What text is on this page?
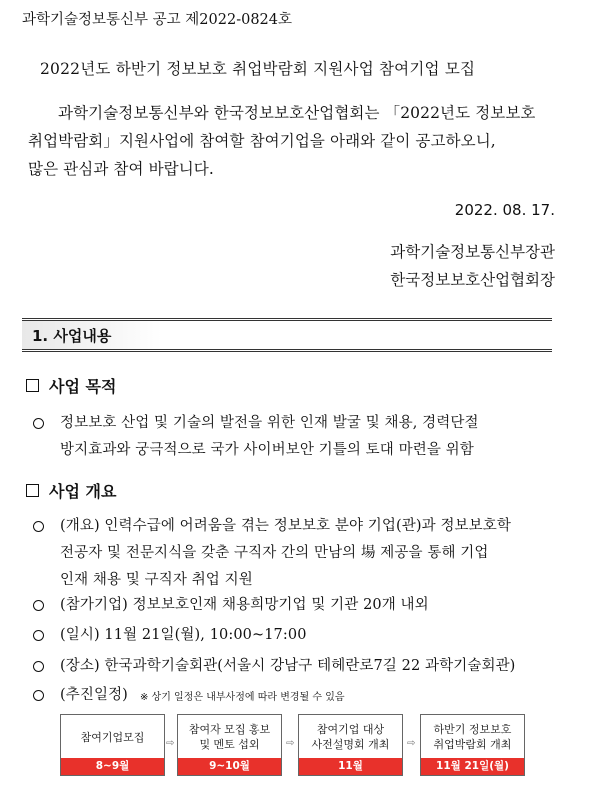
과학기술정보통신부 공고 제2022-0824호
2022년도 하반기 정보보호 취업박람회 지원사업 참여기업 모집
과학기술정보통신부와 한국정보보호산업협회는 「2022년도 정보보호
취업박람회」지원사업에 참여할 참여기업을 아래와 같이 공고하오니,
많은 관심과 참여 바랍니다.
2022. 08. 17.
과학기술정보통신부장관
한국정보보호산업협회장
1. 사업내용
사업 목적
정보보호 산업 및 기술의 발전을 위한 인재 발굴 및 채용, 경력단절
방지효과와 궁극적으로 국가 사이버보안 기틀의 토대 마련을 위함
사업 개요
(개요) 인력수급에 어려움을 겪는 정보보호 분야 기업(관)과 정보보호학
전공자 및 전문지식을 갖춘 구직자 간의 만남의 場 제공을 통해 기업
인재 채용 및 구직자 취업 지원
(참가기업) 정보보호인재 채용희망기업 및 기관 20개 내외
(일시) 11월 21일(월), 10:00~17:00
(장소) 한국과학기술회관(서울시 강남구 테헤란로7길 22 과학기술회관)
(추진일정) ※ 상기 일정은 내부사정에 따라 변경될 수 있음
참여기업모집
8~9월
⇨
참여자 모집 홍보 및 멘토 섭외
9~10월
⇨
참여기업 대상 사전설명회 개최
11월
⇨
하반기 정보보호 취업박람회 개최
11월 21일(월)
